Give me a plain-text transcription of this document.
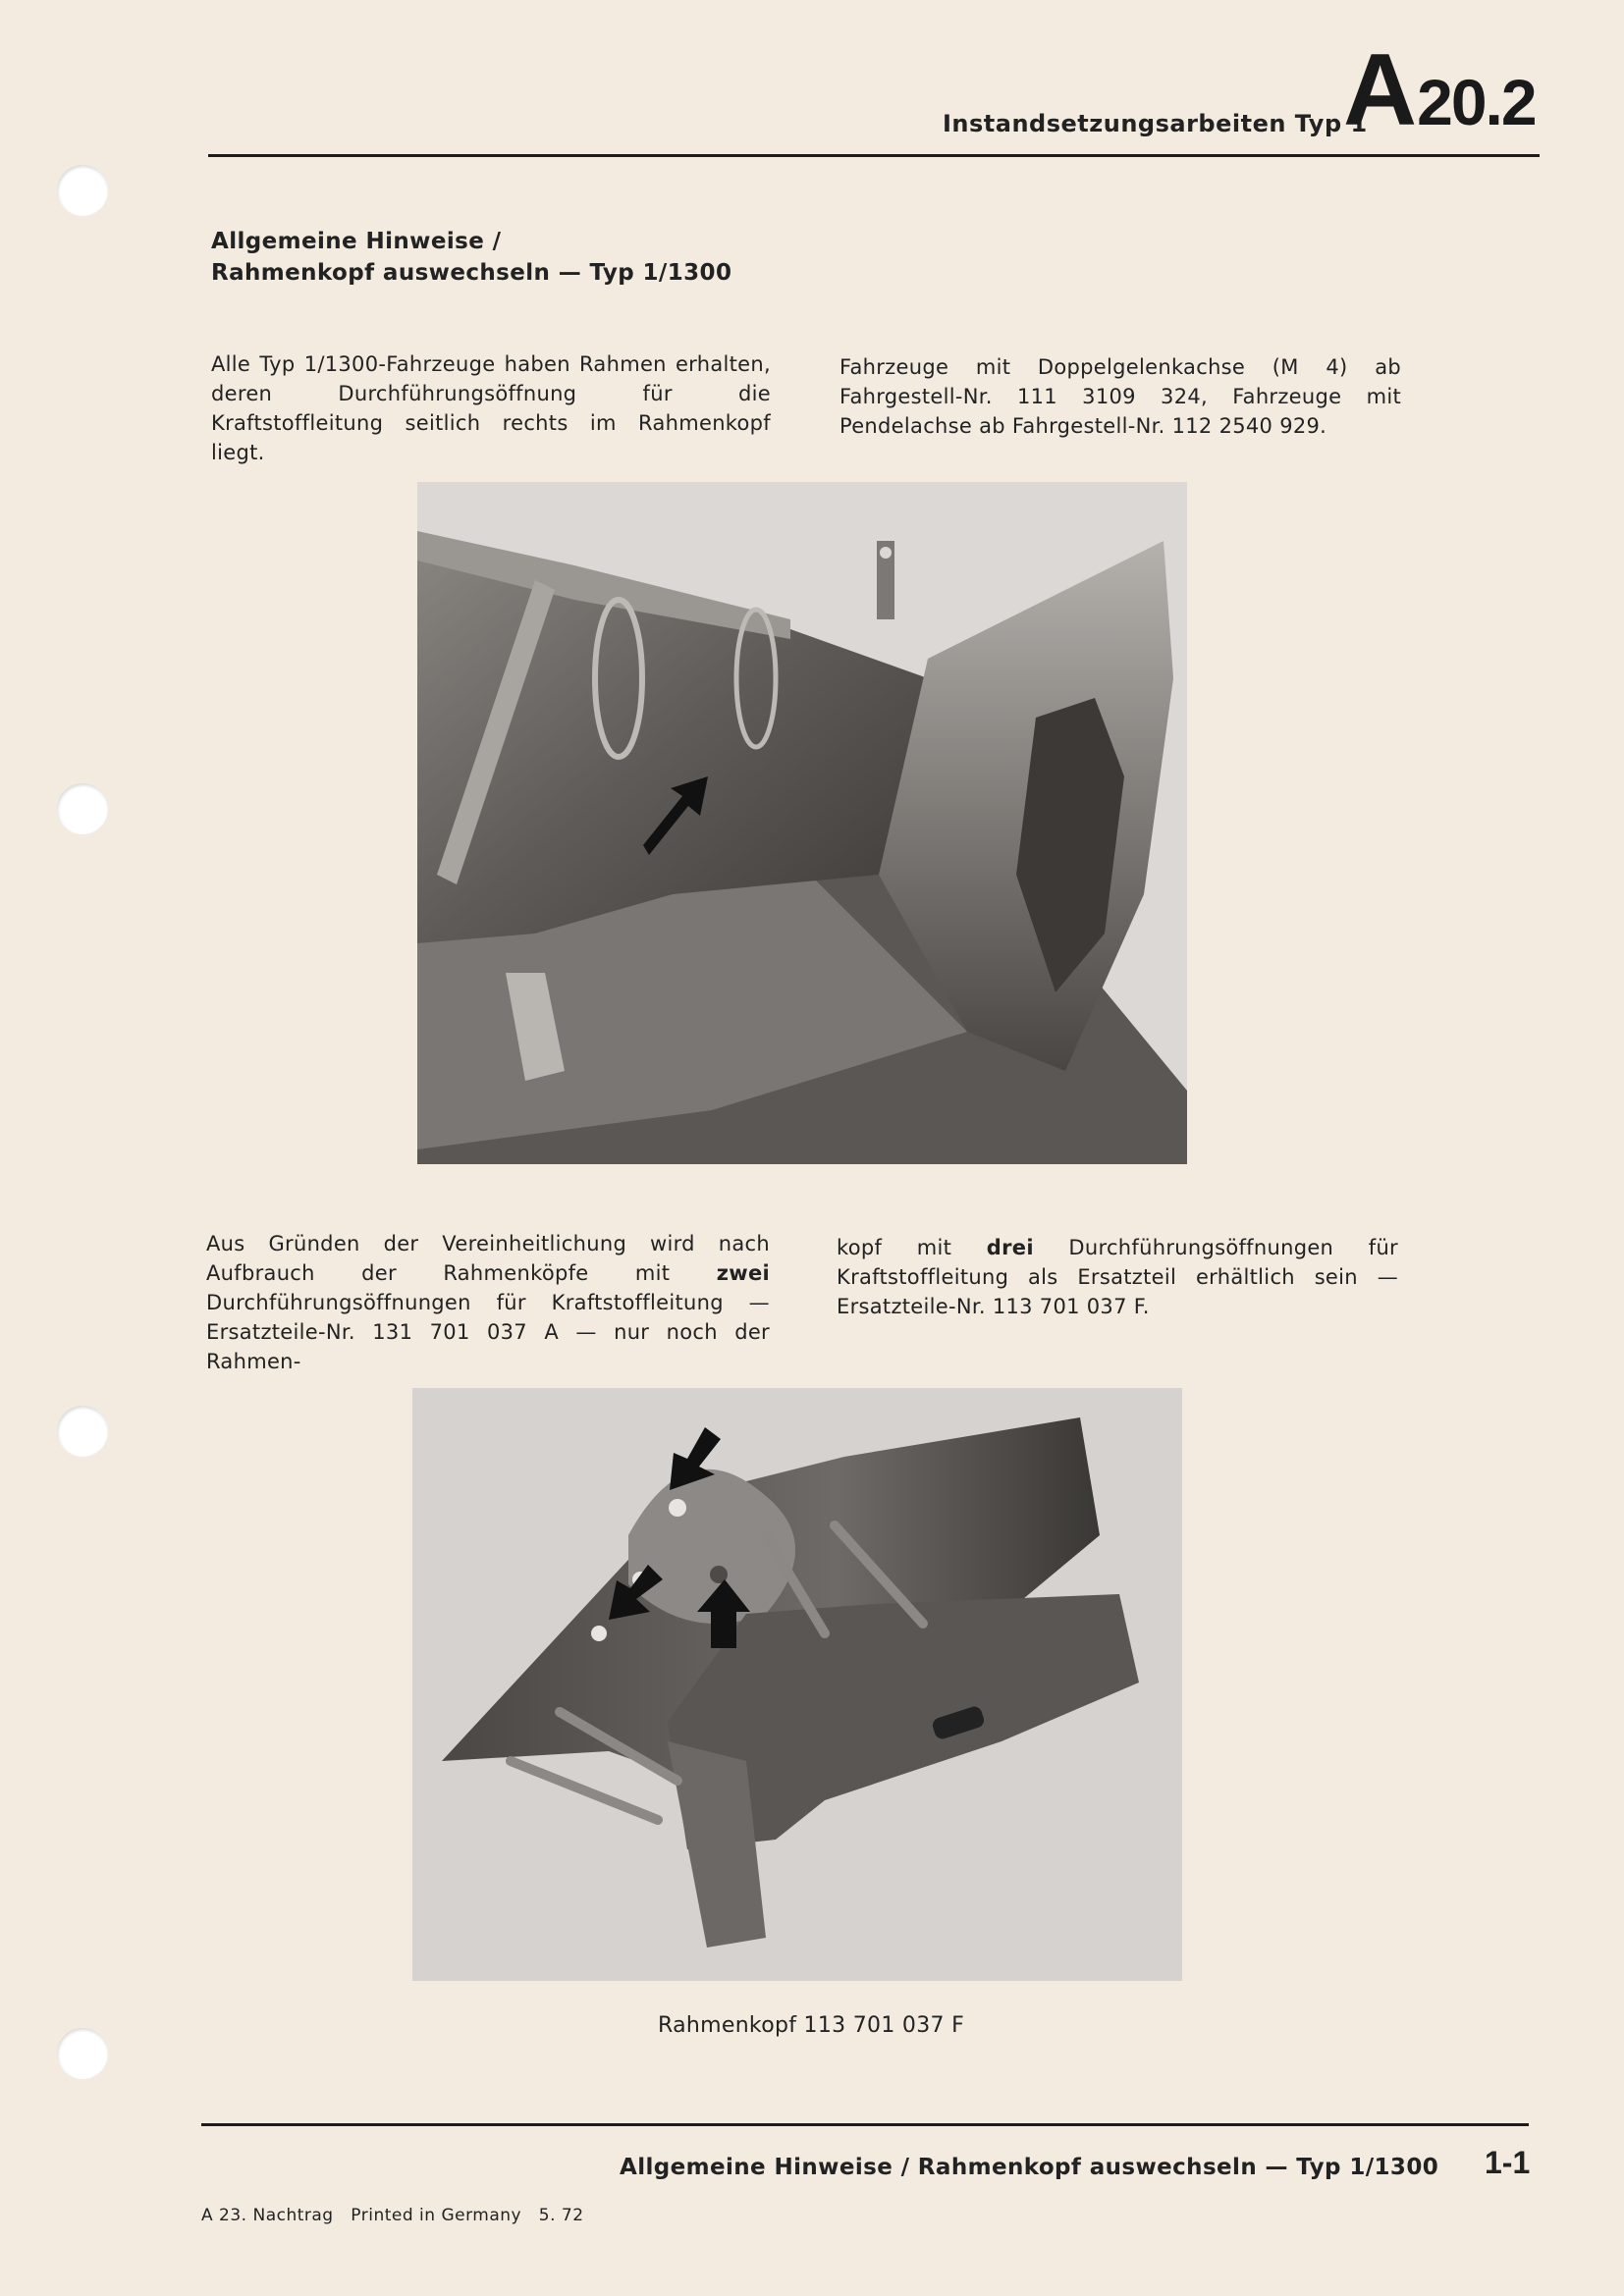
Instandsetzungsarbeiten Typ 1
A20.2
Allgemeine Hinweise /
Rahmenkopf auswechseln — Typ 1/1300
Alle Typ 1/1300-Fahrzeuge haben Rahmen erhalten, deren Durchführungsöffnung für die Kraftstoffleitung seitlich rechts im Rahmenkopf liegt.
Fahrzeuge mit Doppelgelenkachse (M 4) ab Fahrgestell-Nr. 111 3109 324, Fahrzeuge mit Pendelachse ab Fahrgestell-Nr. 112 2540 929.
Aus Gründen der Vereinheitlichung wird nach Aufbrauch der Rahmenköpfe mit zwei Durchführungsöffnungen für Kraftstoffleitung — Ersatzteile-Nr. 131 701 037 A — nur noch der Rahmen-
kopf mit drei Durchführungsöffnungen für Kraftstoffleitung als Ersatzteil erhältlich sein — Ersatzteile-Nr. 113 701 037 F.
Rahmenkopf 113 701 037 F
Allgemeine Hinweise / Rahmenkopf auswechseln — Typ 1/1300 1-1
A 23. Nachtrag   Printed in Germany   5. 72
